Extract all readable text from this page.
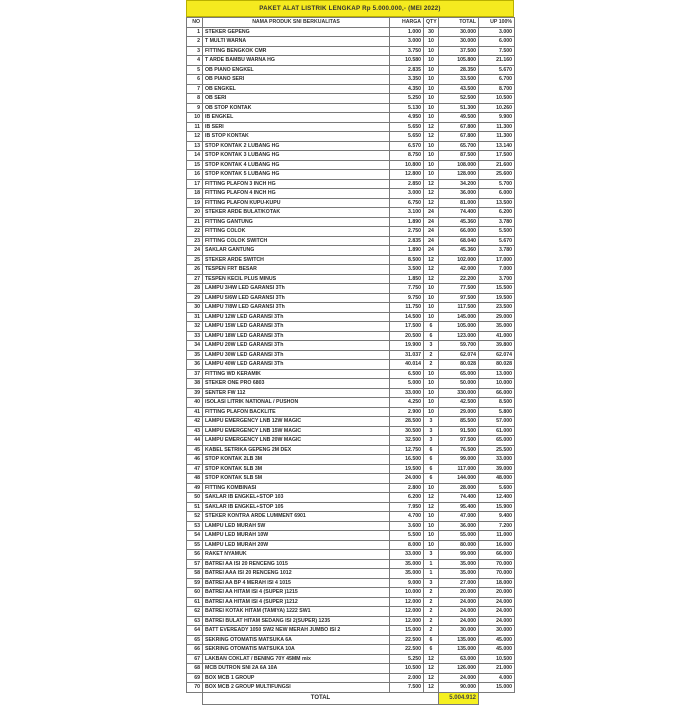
PAKET ALAT LISTRIK LENGKAP Rp 5.000.000,- (MEI 2022)
NO	NAMA PRODUK SNI BERKUALITAS	HARGA	QTY	TOTAL	UP 100%
1	STEKER GEPENG	1.000	30	30.000	3.000
2	T MULTI WARNA	3.000	10	30.000	6.000
3	FITTING BENGKOK CMR	3.750	10	37.500	7.500
4	T ARDE BAMBU WARNA HG	10.580	10	105.800	21.160
5	OB PIANO ENGKEL	2.835	10	28.350	5.670
6	OB PIANO SERI	3.350	10	33.500	6.700
7	OB ENGKEL	4.350	10	43.500	8.700
8	OB SERI	5.250	10	52.500	10.500
9	OB STOP KONTAK	5.130	10	51.300	10.260
10	IB ENGKEL	4.950	10	49.500	9.900
11	IB SERI	5.650	12	67.800	11.300
12	IB STOP KONTAK	5.650	12	67.800	11.300
13	STOP KONTAK 2 LUBANG HG	6.570	10	65.700	13.140
14	STOP KONTAK 3 LUBANG HG	8.750	10	87.500	17.500
15	STOP KONTAK 4 LUBANG HG	10.800	10	108.000	21.600
16	STOP KONTAK 5 LUBANG HG	12.800	10	128.000	25.600
17	FITTING PLAFON 3 INCH HG	2.850	12	34.200	5.700
18	FITTING PLAFON 4 INCH HG	3.000	12	36.000	6.000
19	FITTING PLAFON KUPU-KUPU	6.750	12	81.000	13.500
20	STEKER ARDE BULAT/KOTAK	3.100	24	74.400	6.200
21	FITTING GANTUNG	1.890	24	45.360	3.780
22	FITTING COLOK	2.750	24	66.000	5.500
23	FITTING COLOK SWITCH	2.835	24	68.040	5.670
24	SAKLAR GANTUNG	1.890	24	45.360	3.780
25	STEKER ARDE SWITCH	8.500	12	102.000	17.000
26	TESPEN FRT BESAR	3.500	12	42.000	7.000
27	TESPEN KECIL PLUS MINUS	1.850	12	22.200	3.700
28	LAMPU 3/4W LED GARANSI 3Th	7.750	10	77.500	15.500
29	LAMPU 5/6W LED GARANSI 3Th	9.750	10	97.500	19.500
30	LAMPU 7/8W LED GARANSI 3Th	11.750	10	117.500	23.500
31	LAMPU 12W LED GARANSI 3Th	14.500	10	145.000	29.000
32	LAMPU 15W LED GARANSI 3Th	17.500	6	105.000	35.000
33	LAMPU 18W LED GARANSI 3Th	20.500	6	123.000	41.000
34	LAMPU 20W LED GARANSI 3Th	19.900	3	59.700	39.800
35	LAMPU 30W LED GARANSI 3Th	31.037	2	62.074	62.074
36	LAMPU 40W LED GARANSI 3Th	40.014	2	80.028	80.028
37	FITTING WD KERAMIK	6.500	10	65.000	13.000
38	STEKER ONE PRO 6803	5.000	10	50.000	10.000
39	SENTER FW 112	33.000	10	330.000	66.000
40	ISOLASI LITRIK NATIONAL / PUSHON	4.250	10	42.500	8.500
41	FITTING PLAFON BACKLITE	2.900	10	29.000	5.800
42	LAMPU EMERGENCY LNB 12W MAGIC	28.500	3	85.500	57.000
43	LAMPU EMERGENCY LNB 15W MAGIC	30.500	3	91.500	61.000
44	LAMPU EMERGENCY LNB 20W MAGIC	32.500	3	97.500	65.000
45	KABEL SETRIKA GEPENG 2M DEX	12.750	6	76.500	25.500
46	STOP KONTAK 2LB 3M	16.500	6	99.000	33.000
47	STOP KONTAK 5LB 3M	19.500	6	117.000	39.000
48	STOP KONTAK 5LB 5M	24.000	6	144.000	48.000
49	FITTING KOMBINASI	2.800	10	28.000	5.600
50	SAKLAR IB ENGKEL+STOP 103	6.200	12	74.400	12.400
51	SAKLAR IB ENGKEL+STOP 105	7.950	12	95.400	15.900
52	STEKER KONTRA ARDE LUMMENT 6901	4.700	10	47.000	9.400
53	LAMPU LED MURAH 5W	3.600	10	36.000	7.200
54	LAMPU LED MURAH 10W	5.500	10	55.000	11.000
55	LAMPU LED MURAH 20W	8.000	10	80.000	16.000
56	RAKET NYAMUK	33.000	3	99.000	66.000
57	BATREI AA ISI 20 RENCENG 1015	35.000	1	35.000	70.000
58	BATREI AAA ISI 20 RENCENG 1012	35.000	1	35.000	70.000
59	BATREI AA BP 4 MERAH ISI 4 1015	9.000	3	27.000	18.000
60	BATREI AA HITAM ISI 4 (SUPER )1215	10.000	2	20.000	20.000
61	BATREI AA HITAM ISI 4 (SUPER )1212	12.000	2	24.000	24.000
62	BATREI KOTAK HITAM (TAMIYA) 1222 SW1	12.000	2	24.000	24.000
63	BATREI BULAT HITAM SEDANG ISI 2(SUPER) 1235	12.000	2	24.000	24.000
64	BATT EVEREADY 1050 SW2 NEW MERAH JUMBO ISI 2	15.000	2	30.000	30.000
65	SEKRING OTOMATIS MATSUKA 6A	22.500	6	135.000	45.000
66	SEKRING OTOMATIS MATSUKA 10A	22.500	6	135.000	45.000
67	LAKBAN COKLAT / BENING 70Y 45MM mix	5.250	12	63.000	10.500
68	MCB DUTRON SNI 2A 6A 10A	10.500	12	126.000	21.000
69	BOX MCB 1 GROUP	2.000	12	24.000	4.000
70	BOX MCB 2 GROUP MULTIFUNGSI	7.500	12	90.000	15.000
	TOTAL			5.004.912	
